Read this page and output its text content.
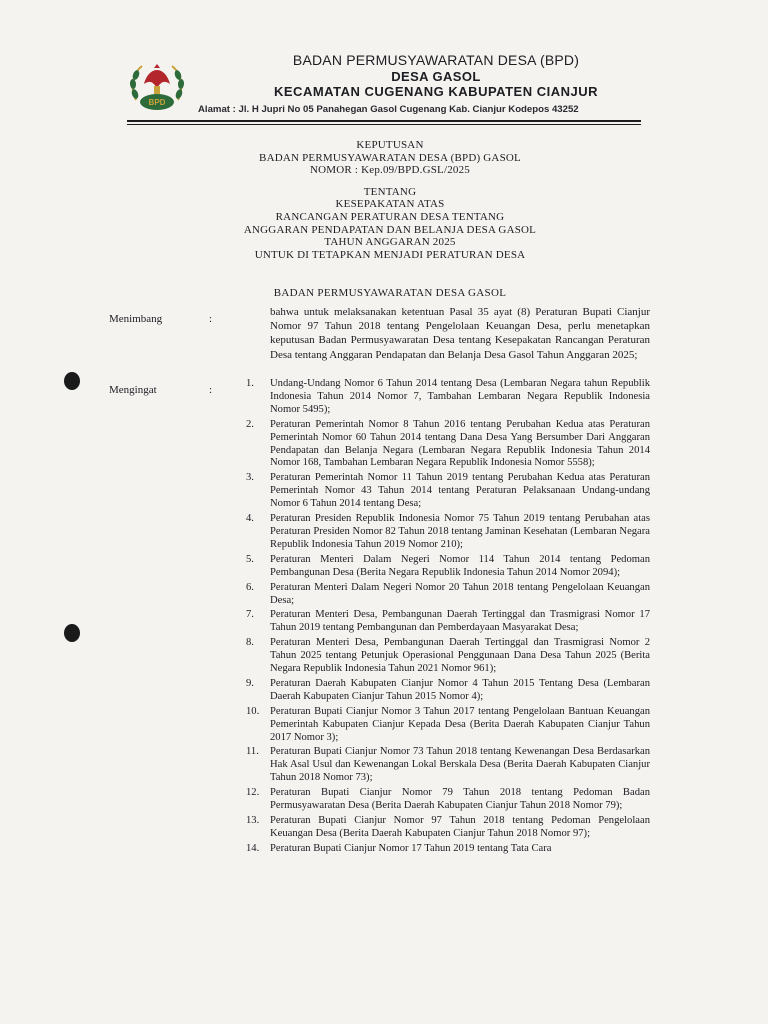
BPD
BADAN PERMUSYAWARATAN DESA (BPD)
DESA GASOL
KECAMATAN CUGENANG KABUPATEN CIANJUR
Alamat : Jl. H Jupri No 05 Panahegan Gasol Cugenang Kab. Cianjur Kodepos 43252
KEPUTUSAN
BADAN PERMUSYAWARATAN DESA (BPD) GASOL
NOMOR : Kep.09/BPD.GSL/2025
TENTANG
KESEPAKATAN ATAS
RANCANGAN PERATURAN DESA TENTANG
ANGGARAN PENDAPATAN DAN BELANJA DESA GASOL
TAHUN ANGGARAN 2025
UNTUK DI TETAPKAN MENJADI PERATURAN DESA
BADAN PERMUSYAWARATAN DESA GASOL
Menimbang	:
bahwa untuk melaksanakan ketentuan Pasal 35 ayat (8) Peraturan Bupati Cianjur Nomor 97 Tahun 2018 tentang Pengelolaan Keuangan Desa, perlu menetapkan keputusan Badan Permusyawaratan Desa tentang Kesepakatan Rancangan Peraturan Desa tentang Anggaran Pendapatan dan Belanja Desa Gasol Tahun Anggaran 2025;
Mengingat	:
1.	Undang-Undang Nomor 6 Tahun 2014 tentang Desa (Lembaran Negara tahun Republik Indonesia Tahun 2014 Nomor 7, Tambahan Lembaran Negara Republik Indonesia Nomor 5495);
2.	Peraturan Pemerintah Nomor 8 Tahun 2016 tentang Perubahan Kedua atas Peraturan Pemerintah Nomor 60 Tahun 2014 tentang Dana Desa Yang Bersumber Dari Anggaran Pendapatan dan Belanja Negara (Lembaran Negara Republik Indonesia Tahun 2014 Nomor 168, Tambahan Lembaran Negara Republik Indonesia Nomor 5558);
3.	Peraturan Pemerintah Nomor 11 Tahun 2019 tentang Perubahan Kedua atas Peraturan Pemerintah Nomor 43 Tahun 2014 tentang Peraturan Pelaksanaan Undang-undang Nomor 6 Tahun 2014 tentang Desa;
4.	Peraturan Presiden Republik Indonesia Nomor 75 Tahun 2019 tentang Perubahan atas Peraturan Presiden Nomor 82 Tahun 2018 tentang Jaminan Kesehatan (Lembaran Negara Republik Indonesia Tahun 2019 Nomor 210);
5.	Peraturan Menteri Dalam Negeri Nomor 114 Tahun 2014 tentang Pedoman Pembangunan Desa (Berita Negara Republik Indonesia Tahun 2014 Nomor 2094);
6.	Peraturan Menteri Dalam Negeri Nomor 20 Tahun 2018 tentang Pengelolaan Keuangan Desa;
7.	Peraturan Menteri Desa, Pembangunan Daerah Tertinggal dan Trasmigrasi Nomor 17 Tahun 2019 tentang Pembangunan dan Pemberdayaan Masyarakat Desa;
8.	Peraturan Menteri Desa, Pembangunan Daerah Tertinggal dan Trasmigrasi Nomor 2 Tahun 2025 tentang Petunjuk Operasional Penggunaan Dana Desa Tahun 2025 (Berita Negara Republik Indonesia Tahun 2021 Nomor 961);
9.	Peraturan Daerah Kabupaten Cianjur Nomor 4 Tahun 2015 Tentang Desa (Lembaran Daerah Kabupaten Cianjur Tahun 2015 Nomor 4);
10.	Peraturan Bupati Cianjur Nomor 3 Tahun 2017 tentang Pengelolaan Bantuan Keuangan Pemerintah Kabupaten Cianjur Kepada Desa (Berita Daerah Kabupaten Cianjur Tahun 2017 Nomor 3);
11.	Peraturan Bupati Cianjur Nomor 73 Tahun 2018 tentang Kewenangan Desa Berdasarkan Hak Asal Usul dan Kewenangan Lokal Berskala Desa (Berita Daerah Kabupaten Cianjur Tahun 2018 Nomor 73);
12.	Peraturan Bupati Cianjur Nomor 79 Tahun 2018 tentang Pedoman Badan Permusyawaratan Desa (Berita Daerah Kabupaten Cianjur Tahun 2018 Nomor 79);
13.	Peraturan Bupati Cianjur Nomor 97 Tahun 2018 tentang Pedoman Pengelolaan Keuangan Desa (Berita Daerah Kabupaten Cianjur Tahun 2018 Nomor 97);
14.	Peraturan Bupati Cianjur Nomor 17 Tahun 2019 tentang Tata Cara
